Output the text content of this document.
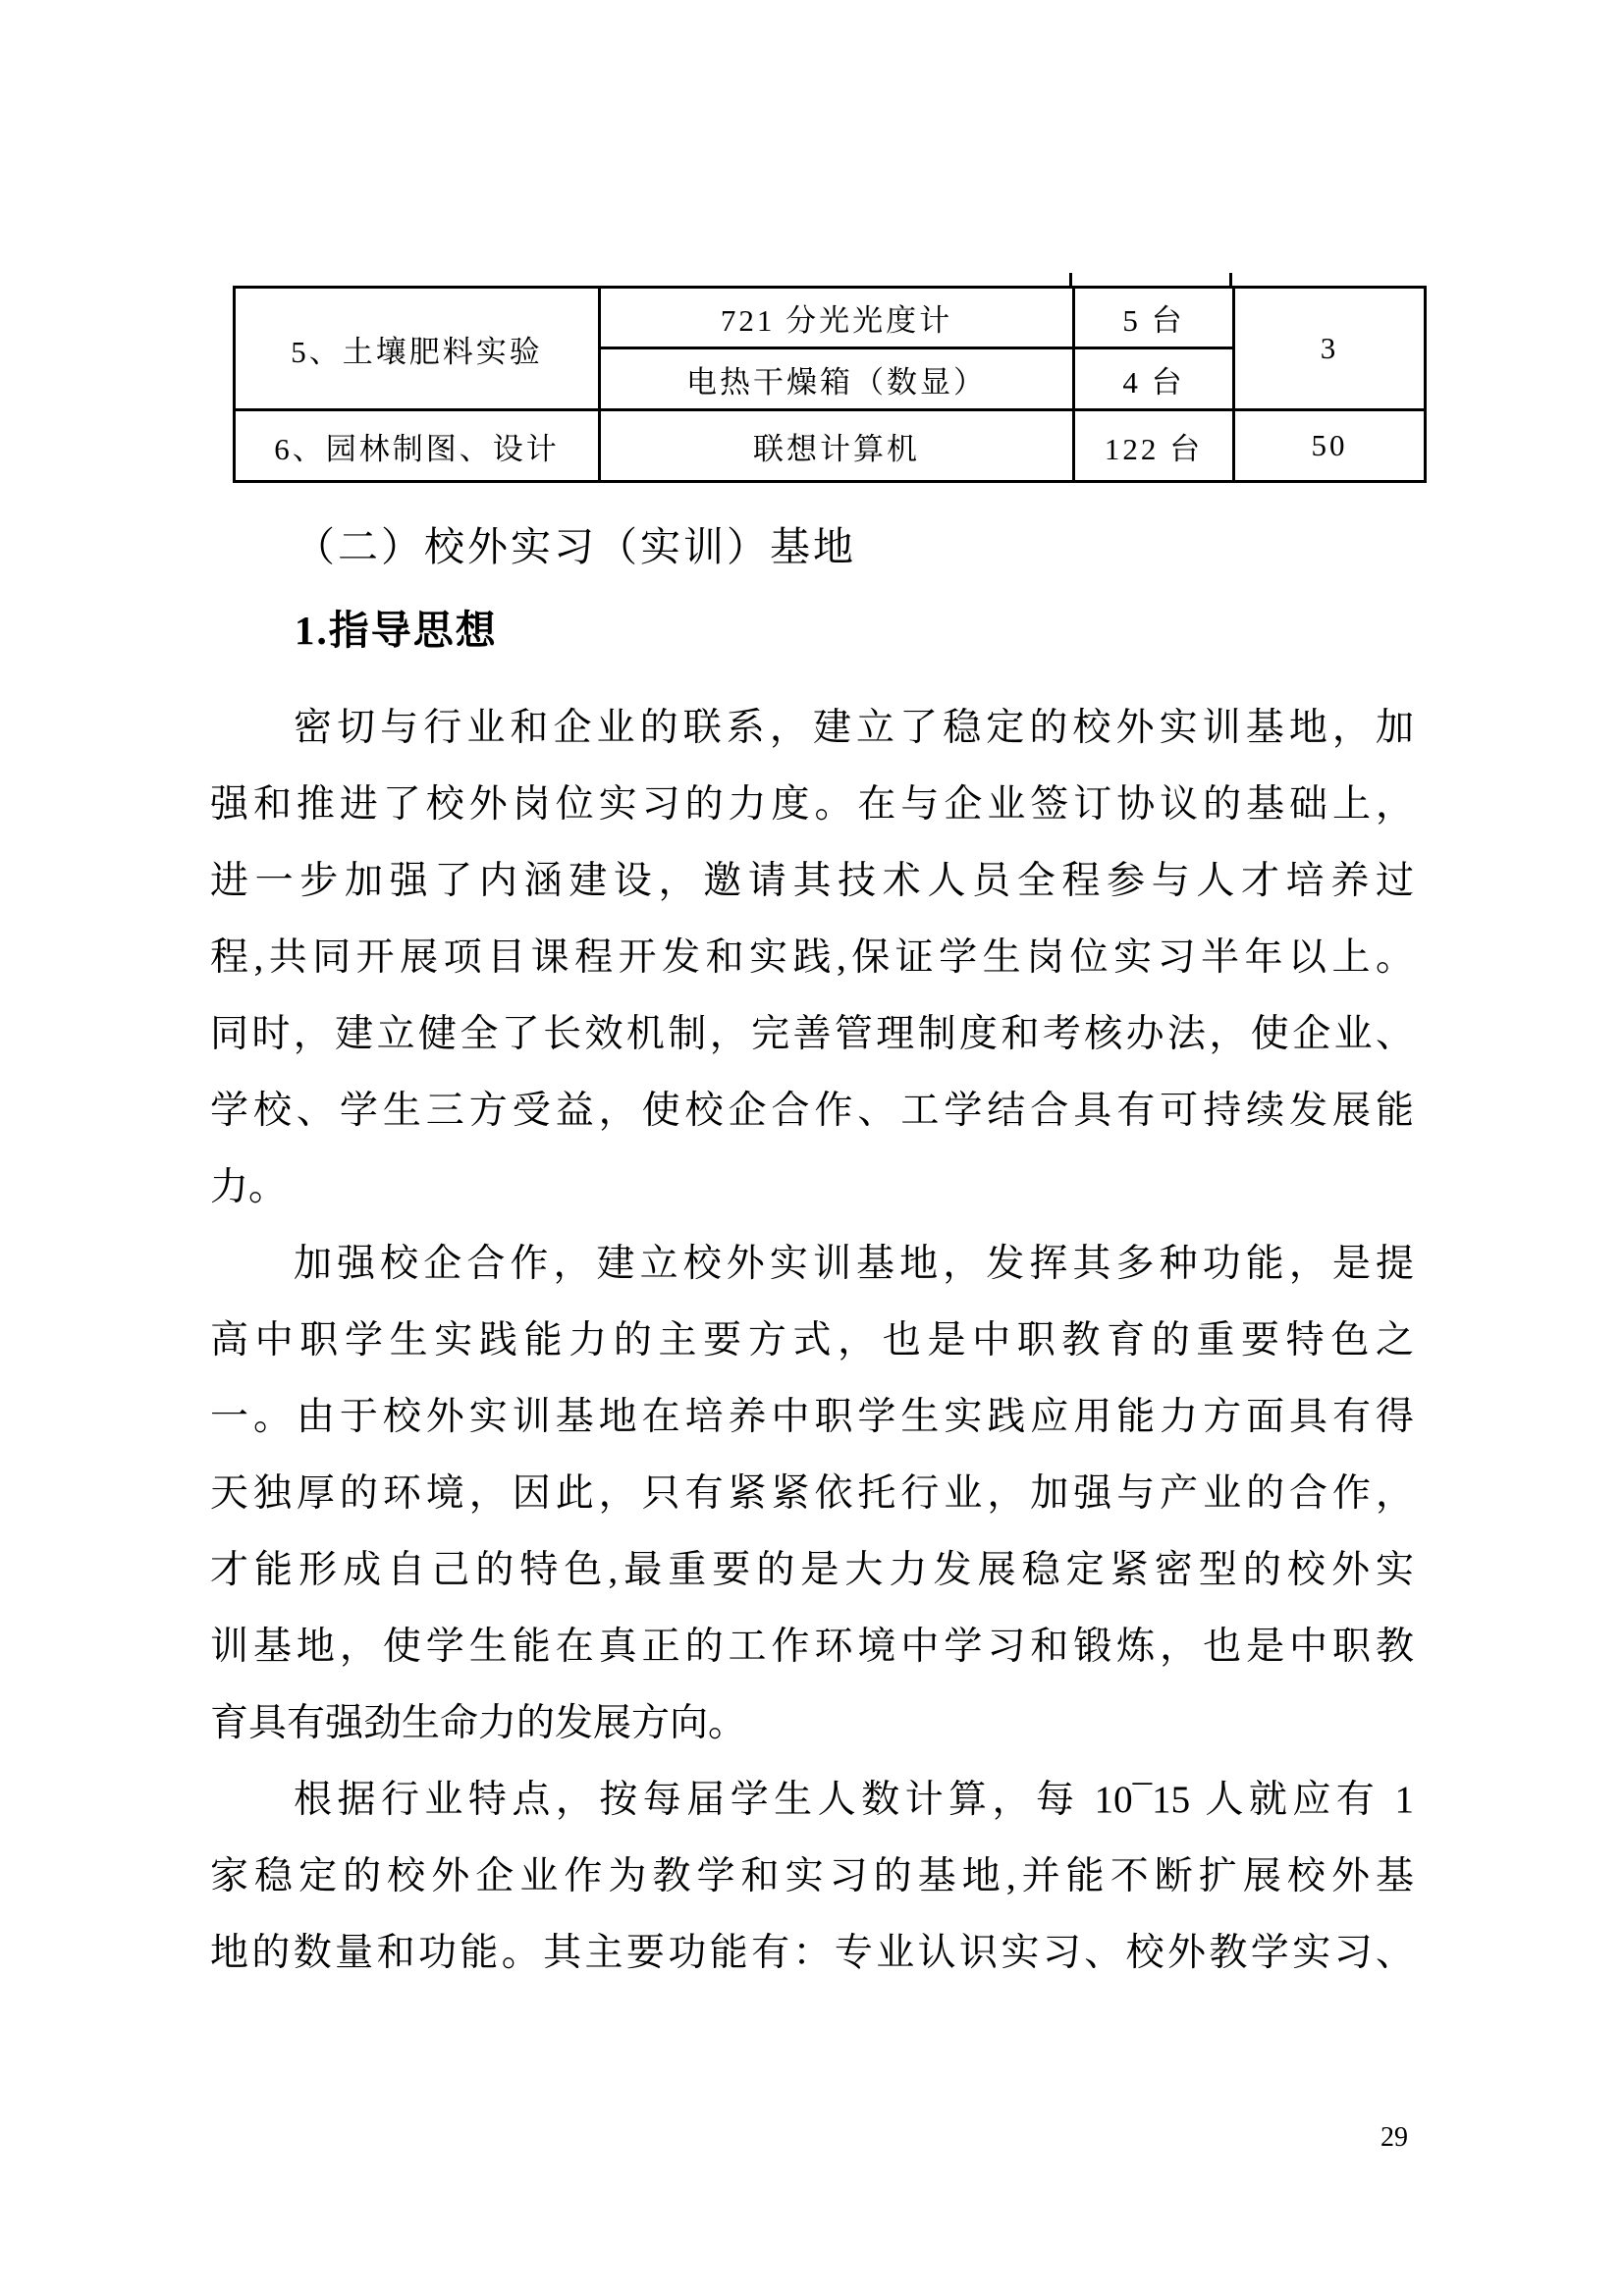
5、土壤肥料实验	721 分光光度计	5 台	3
	电热干燥箱（数显）	4 台	
6、园林制图、设计	联想计算机	122 台	50
（二）校外实习（实训）基地
1.指导思想
密切与行业和企业的联系，建立了稳定的校外实训基地，加
强和推进了校外岗位实习的力度。在与企业签订协议的基础上，
进一步加强了内涵建设，邀请其技术人员全程参与人才培养过
程,共同开展项目课程开发和实践,保证学生岗位实习半年以上。
同时，建立健全了长效机制，完善管理制度和考核办法，使企业、
学校、学生三方受益，使校企合作、工学结合具有可持续发展能
力。
加强校企合作，建立校外实训基地，发挥其多种功能，是提
高中职学生实践能力的主要方式，也是中职教育的重要特色之
一。由于校外实训基地在培养中职学生实践应用能力方面具有得
天独厚的环境，因此，只有紧紧依托行业，加强与产业的合作，
才能形成自己的特色,最重要的是大力发展稳定紧密型的校外实
训基地，使学生能在真正的工作环境中学习和锻炼，也是中职教
育具有强劲生命力的发展方向。
根据行业特点，按每届学生人数计算，每 10¯15 人就应有 1
家稳定的校外企业作为教学和实习的基地,并能不断扩展校外基
地的数量和功能。其主要功能有：专业认识实习、校外教学实习、
29
